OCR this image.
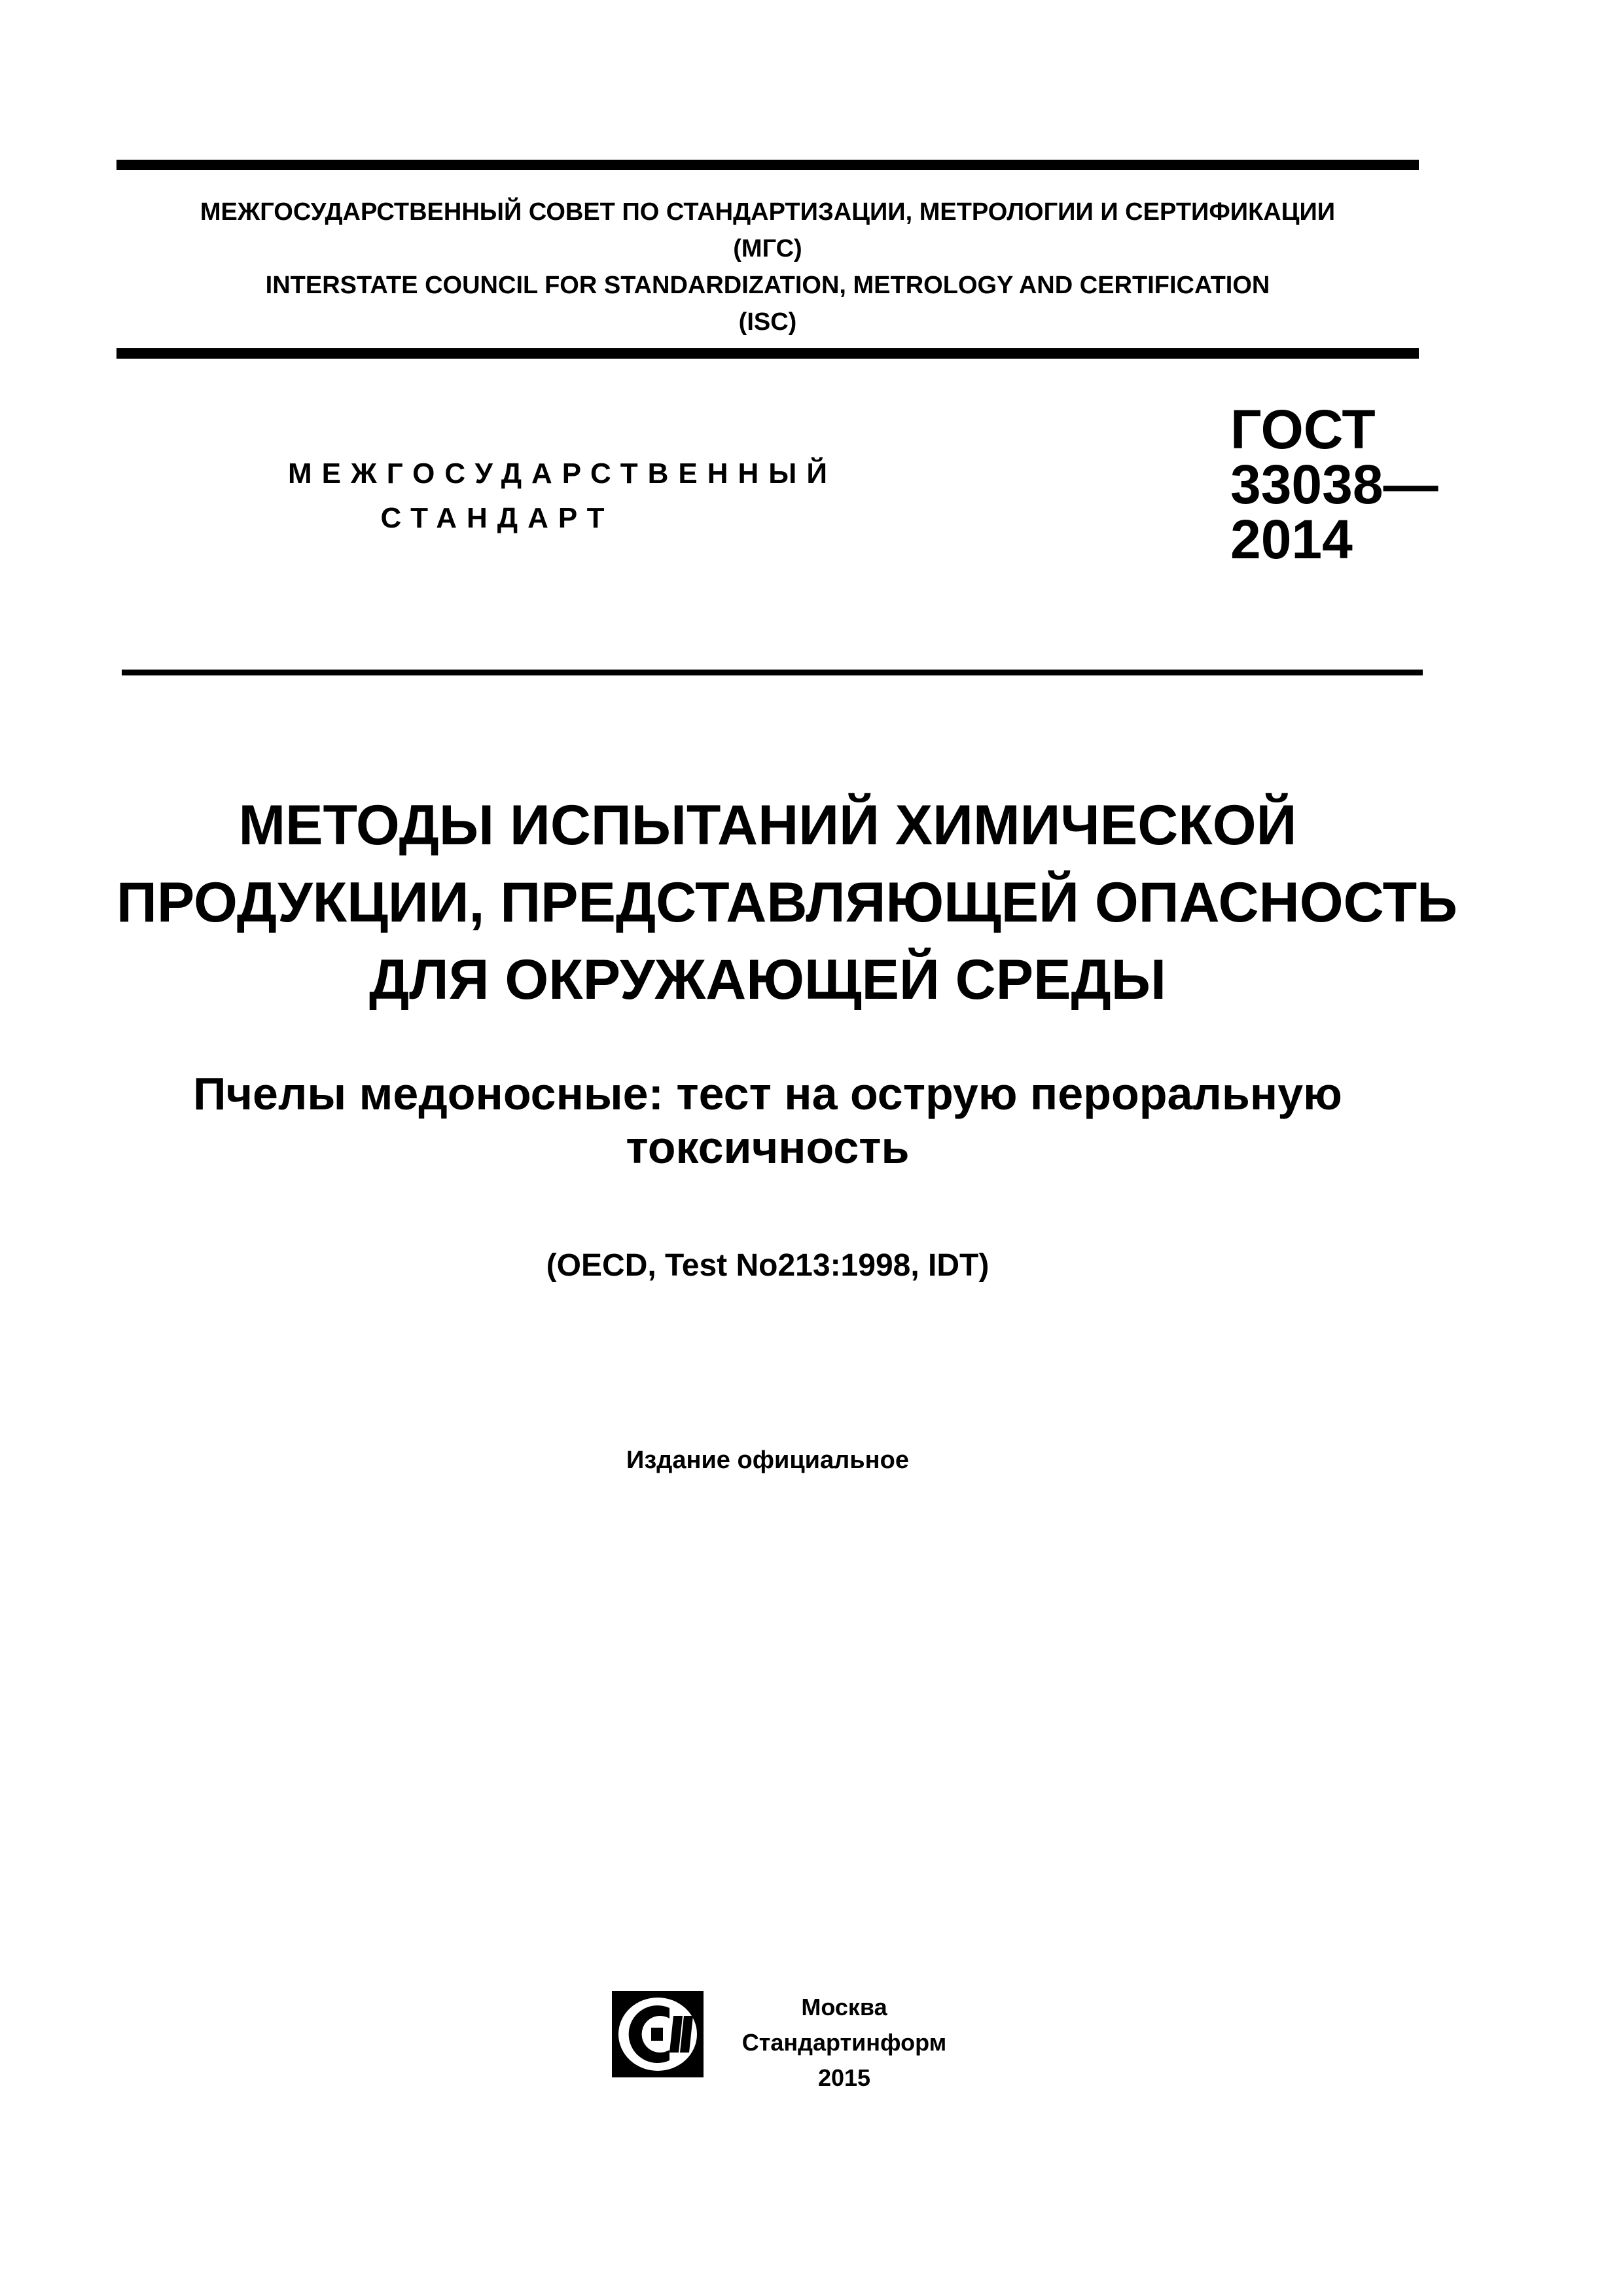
МЕЖГОСУДАРСТВЕННЫЙ СОВЕТ ПО СТАНДАРТИЗАЦИИ, МЕТРОЛОГИИ И СЕРТИФИКАЦИИ
(МГС)
INTERSTATE COUNCIL FOR STANDARDIZATION, METROLOGY AND CERTIFICATION
(ISC)
МЕЖГОСУДАРСТВЕННЫЙ
СТАНДАРТ
ГОСТ
33038—
2014
МЕТОДЫ ИСПЫТАНИЙ ХИМИЧЕСКОЙ
ПРОДУКЦИИ, ПРЕДСТАВЛЯЮЩЕЙ ОПАСНОСТЬ
ДЛЯ ОКРУЖАЮЩЕЙ СРЕДЫ
Пчелы медоносные: тест на острую пероральную
токсичность
(OECD, Test No213:1998, IDT)
Издание официальное
Москва
Стандартинформ
2015
